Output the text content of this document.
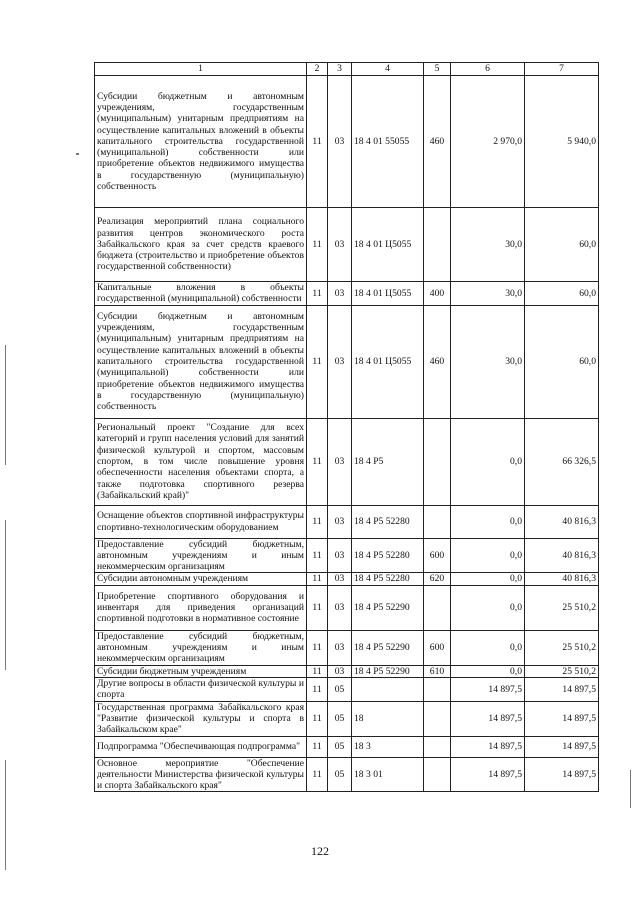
1	2	3	4	5	6	7
Субсидии бюджетным и автономным учреждениям, государственным (муниципальным) унитарным предприятиям на осуществление капитальных вложений в объекты капитального строительства государственной (муниципальной) собственности или приобретение объектов недвижимого имущества в государственную (муниципальную) собственность	11	03	18 4 01 55055	460	2 970,0	5 940,0
Реализация мероприятий плана социального развития центров экономического роста Забайкальского края за счет средств краевого бюджета (строительство и приобретение объектов государственной собственности)	11	03	18 4 01 Ц5055		30,0	60,0
Капитальные вложения в объекты государственной (муниципальной) собственности	11	03	18 4 01 Ц5055	400	30,0	60,0
Субсидии бюджетным и автономным учреждениям, государственным (муниципальным) унитарным предприятиям на осуществление капитальных вложений в объекты капитального строительства государственной (муниципальной) собственности или приобретение объектов недвижимого имущества в государственную (муниципальную) собственность	11	03	18 4 01 Ц5055	460	30,0	60,0
Региональный проект "Создание для всех категорий и групп населения условий для занятий физической культурой и спортом, массовым спортом, в том числе повышение уровня обеспеченности населения объектами спорта, а также подготовка спортивного резерва (Забайкальский край)"	11	03	18 4 P5		0,0	66 326,5
Оснащение объектов спортивной инфраструктуры спортивно-технологическим оборудованием	11	03	18 4 P5 52280		0,0	40 816,3
Предоставление субсидий бюджетным, автономным учреждениям и иным некоммерческим организациям	11	03	18 4 P5 52280	600	0,0	40 816,3
Субсидии автономным учреждениям	11	03	18 4 P5 52280	620	0,0	40 816,3
Приобретение спортивного оборудования и инвентаря для приведения организаций спортивной подготовки в нормативное состояние	11	03	18 4 P5 52290		0,0	25 510,2
Предоставление субсидий бюджетным, автономным учреждениям и иным некоммерческим организациям	11	03	18 4 P5 52290	600	0,0	25 510,2
Субсидии бюджетным учреждениям	11	03	18 4 P5 52290	610	0,0	25 510,2
Другие вопросы в области физической культуры и спорта	11	05			14 897,5	14 897,5
Государственная программа Забайкальского края "Развитие физической культуры и спорта в Забайкальском крае"	11	05	18		14 897,5	14 897,5
Подпрограмма "Обеспечивающая подпрограмма"	11	05	18 3		14 897,5	14 897,5
Основное мероприятие "Обеспечение деятельности Министерства физической культуры и спорта Забайкальского края"	11	05	18 3 01		14 897,5	14 897,5
122
